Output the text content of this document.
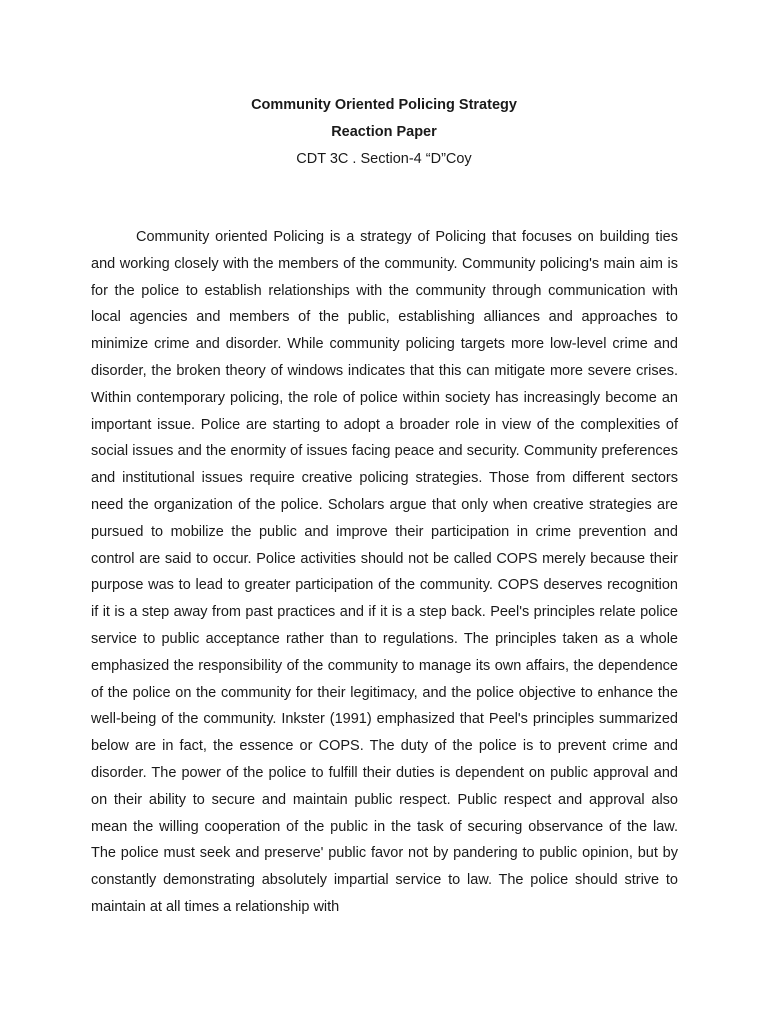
Community Oriented Policing Strategy

Reaction Paper

CDT 3C . Section-4 “D”Coy

Community oriented Policing is a strategy of Policing that focuses on building ties and working closely with the members of the community. Community policing's main aim is for the police to establish relationships with the community through communication with local agencies and members of the public, establishing alliances and approaches to minimize crime and disorder. While community policing targets more low-level crime and disorder, the broken theory of windows indicates that this can mitigate more severe crises. Within contemporary policing, the role of police within society has increasingly become an important issue. Police are starting to adopt a broader role in view of the complexities of social issues and the enormity of issues facing peace and security. Community preferences and institutional issues require creative policing strategies. Those from different sectors need the organization of the police. Scholars argue that only when creative strategies are pursued to mobilize the public and improve their participation in crime prevention and control are said to occur. Police activities should not be called COPS merely because their purpose was to lead to greater participation of the community. COPS deserves recognition if it is a step away from past practices and if it is a step back. Peel's principles relate police service to public acceptance rather than to regulations. The principles taken as a whole emphasized the responsibility of the community to manage its own affairs, the dependence of the police on the community for their legitimacy, and the police objective to enhance the well-being of the community. Inkster (1991) emphasized that Peel's principles summarized below are in fact, the essence or COPS. The duty of the police is to prevent crime and disorder. The power of the police to fulfill their duties is dependent on public approval and on their ability to secure and maintain public respect. Public respect and approval also mean the willing cooperation of the public in the task of securing observance of the law. The police must seek and preserve' public favor not by pandering to public opinion, but by constantly demonstrating absolutely impartial service to law. The police should strive to maintain at all times a relationship with
